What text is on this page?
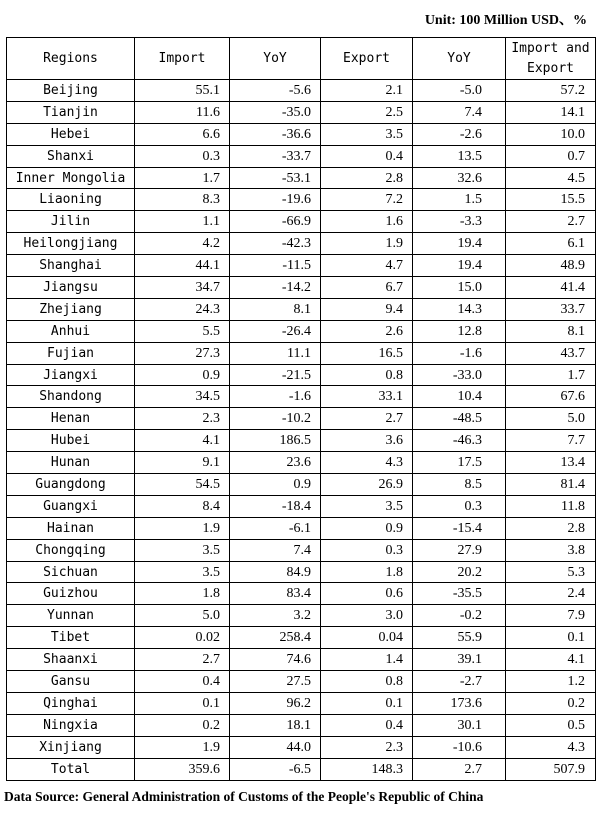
Unit: 100 Million USD、%
Regions	Import	YoY	Export	YoY	Import and Export
Beijing	55.1	-5.6	2.1	-5.0	57.2
Tianjin	11.6	-35.0	2.5	7.4	14.1
Hebei	6.6	-36.6	3.5	-2.6	10.0
Shanxi	0.3	-33.7	0.4	13.5	0.7
Inner Mongolia	1.7	-53.1	2.8	32.6	4.5
Liaoning	8.3	-19.6	7.2	1.5	15.5
Jilin	1.1	-66.9	1.6	-3.3	2.7
Heilongjiang	4.2	-42.3	1.9	19.4	6.1
Shanghai	44.1	-11.5	4.7	19.4	48.9
Jiangsu	34.7	-14.2	6.7	15.0	41.4
Zhejiang	24.3	8.1	9.4	14.3	33.7
Anhui	5.5	-26.4	2.6	12.8	8.1
Fujian	27.3	11.1	16.5	-1.6	43.7
Jiangxi	0.9	-21.5	0.8	-33.0	1.7
Shandong	34.5	-1.6	33.1	10.4	67.6
Henan	2.3	-10.2	2.7	-48.5	5.0
Hubei	4.1	186.5	3.6	-46.3	7.7
Hunan	9.1	23.6	4.3	17.5	13.4
Guangdong	54.5	0.9	26.9	8.5	81.4
Guangxi	8.4	-18.4	3.5	0.3	11.8
Hainan	1.9	-6.1	0.9	-15.4	2.8
Chongqing	3.5	7.4	0.3	27.9	3.8
Sichuan	3.5	84.9	1.8	20.2	5.3
Guizhou	1.8	83.4	0.6	-35.5	2.4
Yunnan	5.0	3.2	3.0	-0.2	7.9
Tibet	0.02	258.4	0.04	55.9	0.1
Shaanxi	2.7	74.6	1.4	39.1	4.1
Gansu	0.4	27.5	0.8	-2.7	1.2
Qinghai	0.1	96.2	0.1	173.6	0.2
Ningxia	0.2	18.1	0.4	30.1	0.5
Xinjiang	1.9	44.0	2.3	-10.6	4.3
Total	359.6	-6.5	148.3	2.7	507.9
Data Source: General Administration of Customs of the People's Republic of China
